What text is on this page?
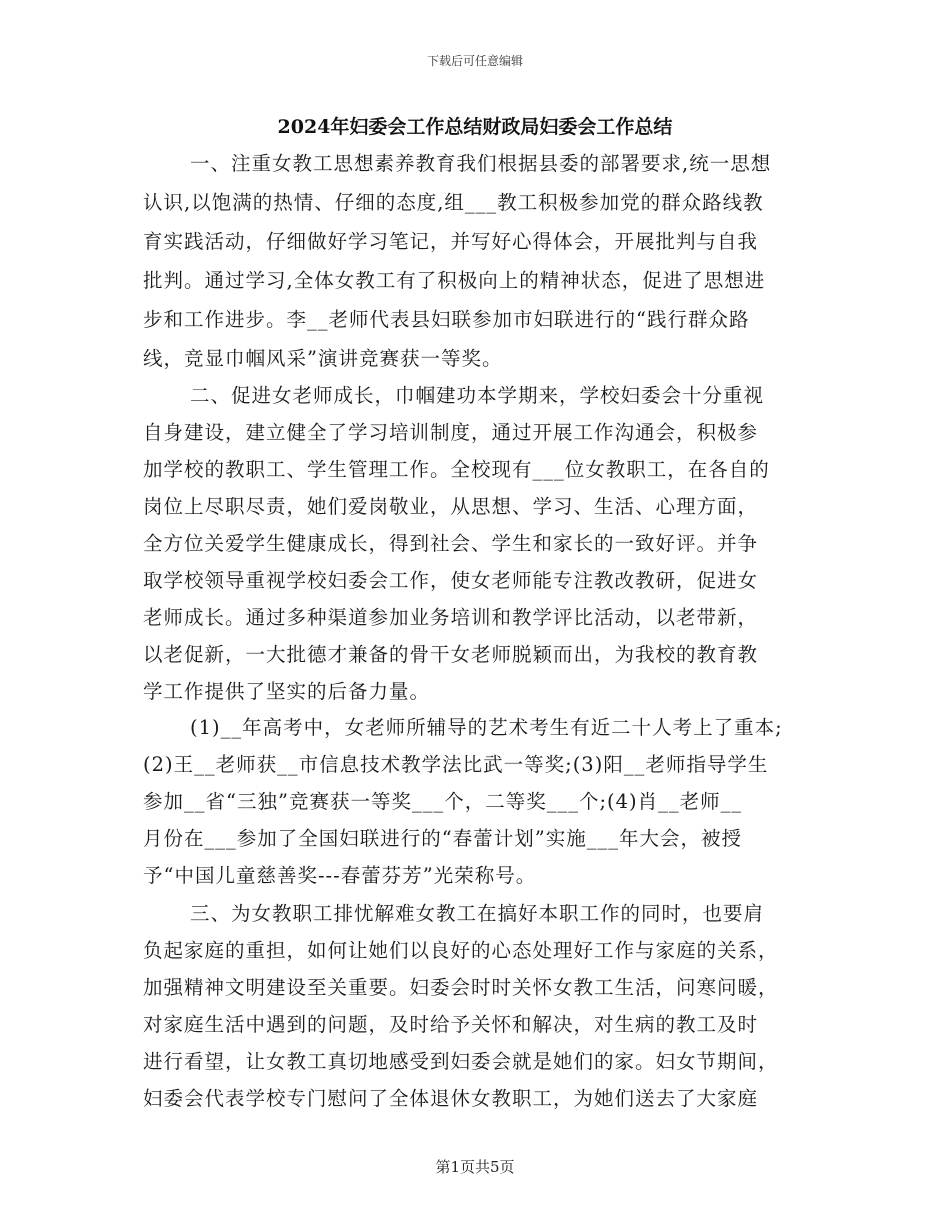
下载后可任意编辑
2024年妇委会工作总结财政局妇委会工作总结
一、注重女教工思想素养教育我们根据县委的部署要求,统一思想
认识,以饱满的热情、仔细的态度,组___教工积极参加党的群众路线教
育实践活动，仔细做好学习笔记，并写好心得体会，开展批判与自我
批判。通过学习,全体女教工有了积极向上的精神状态，促进了思想进
步和工作进步。李__老师代表县妇联参加市妇联进行的“践行群众路
线，竞显巾帼风采”演讲竞赛获一等奖。
二、促进女老师成长，巾帼建功本学期来，学校妇委会十分重视
自身建设，建立健全了学习培训制度，通过开展工作沟通会，积极参
加学校的教职工、学生管理工作。全校现有___位女教职工，在各自的
岗位上尽职尽责，她们爱岗敬业，从思想、学习、生活、心理方面，
全方位关爱学生健康成长，得到社会、学生和家长的一致好评。并争
取学校领导重视学校妇委会工作，使女老师能专注教改教研，促进女
老师成长。通过多种渠道参加业务培训和教学评比活动，以老带新，
以老促新，一大批德才兼备的骨干女老师脱颖而出，为我校的教育教
学工作提供了坚实的后备力量。
(1)__年高考中，女老师所辅导的艺术考生有近二十人考上了重本;
(2)王__老师获__市信息技术教学法比武一等奖;(3)阳__老师指导学生
参加__省“三独”竞赛获一等奖___个，二等奖___个;(4)肖__老师__
月份在___参加了全国妇联进行的“春蕾计划”实施___年大会，被授
予“中国儿童慈善奖---春蕾芬芳”光荣称号。
三、为女教职工排忧解难女教工在搞好本职工作的同时，也要肩
负起家庭的重担，如何让她们以良好的心态处理好工作与家庭的关系，
加强精神文明建设至关重要。妇委会时时关怀女教工生活，问寒问暖，
对家庭生活中遇到的问题，及时给予关怀和解决，对生病的教工及时
进行看望，让女教工真切地感受到妇委会就是她们的家。妇女节期间，
妇委会代表学校专门慰问了全体退休女教职工，为她们送去了大家庭
第1页共5页
